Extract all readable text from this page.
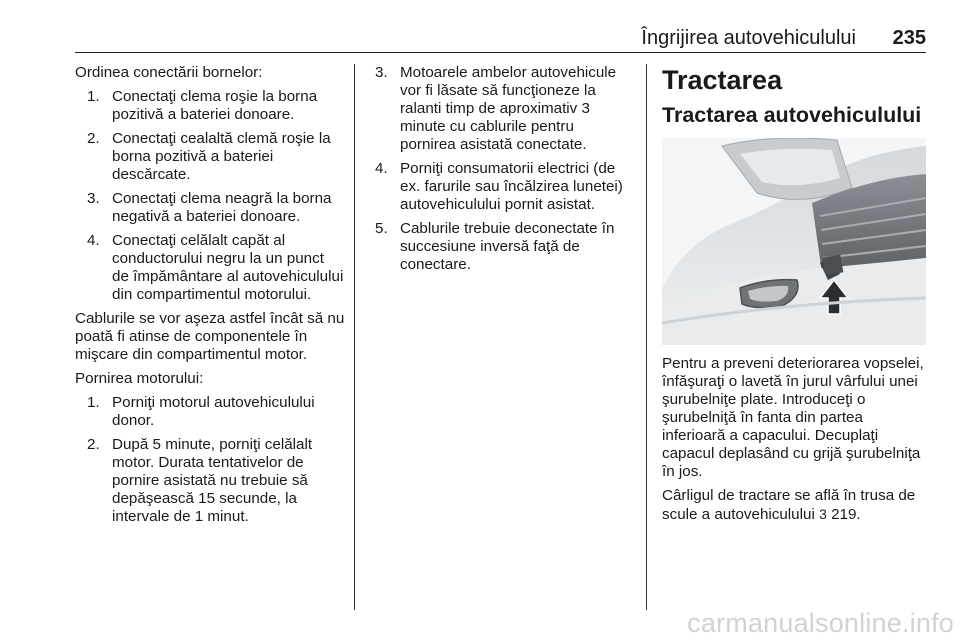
Îngrijirea autovehiculului 235

Ordinea conectării bornelor:

1. Conectaţi clema roşie la borna pozitivă a bateriei donoare.
2. Conectaţi cealaltă clemă roşie la borna pozitivă a bateriei descărcate.
3. Conectaţi clema neagră la borna negativă a bateriei donoare.
4. Conectaţi celălalt capăt al conductorului negru la un punct de împământare al autovehiculului din compartimentul motorului.

Cablurile se vor aşeza astfel încât să nu poată fi atinse de componentele în mişcare din compartimentul motor.

Pornirea motorului:

1. Porniţi motorul autovehiculului donor.
2. După 5 minute, porniţi celălalt motor. Durata tentativelor de pornire asistată nu trebuie să depăşească 15 secunde, la intervale de 1 minut.
3. Motoarele ambelor autovehicule vor fi lăsate să funcţioneze la ralanti timp de aproximativ 3 minute cu cablurile pentru pornirea asistată conectate.
4. Porniţi consumatorii electrici (de ex. farurile sau încălzirea lunetei) autovehiculului pornit asistat.
5. Cablurile trebuie deconectate în succesiune inversă faţă de conectare.
Tractarea
Tractarea autovehiculului

Pentru a preveni deteriorarea vopselei, înfăşuraţi o lavetă în jurul vârfului unei şurubelniţe plate. Introduceţi o şurubelniţă în fanta din partea inferioară a capacului. Decuplaţi capacul deplasând cu grijă şurubelniţa în jos.

Cârligul de tractare se află în trusa de scule a autovehiculului 3 219.

carmanualsonline.info
